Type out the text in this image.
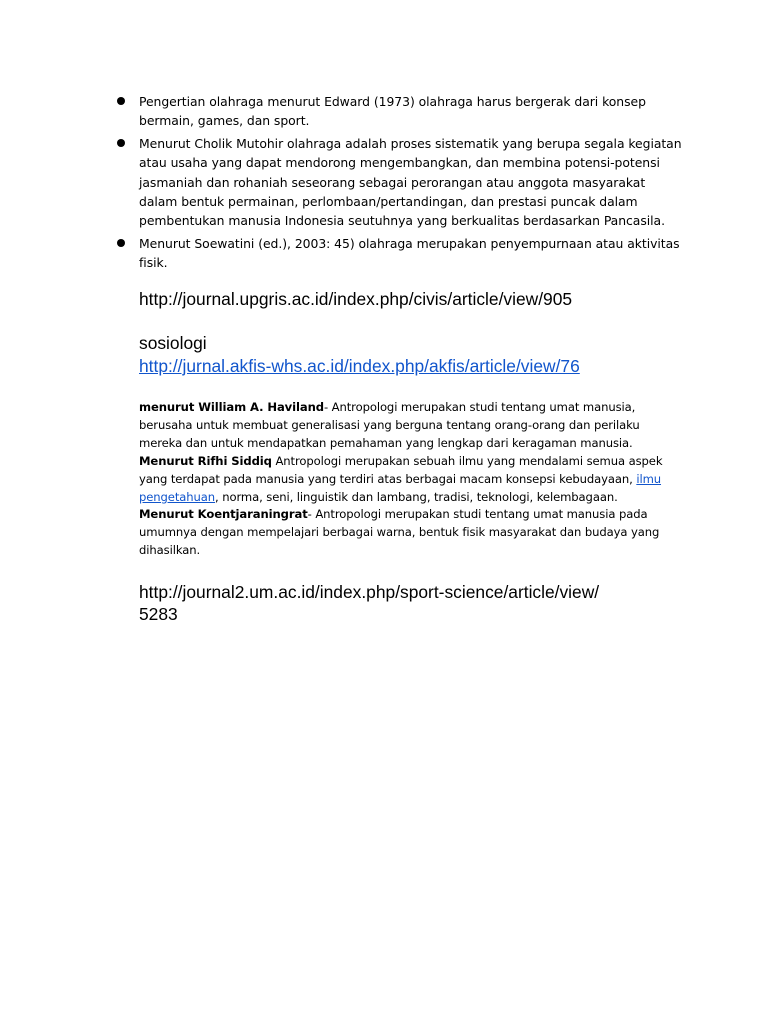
Pengertian olahraga menurut Edward (1973) olahraga harus bergerak dari konsep bermain, games, dan sport.
Menurut Cholik Mutohir olahraga adalah proses sistematik yang berupa segala kegiatan atau usaha yang dapat mendorong mengembangkan, dan membina potensi-potensi jasmaniah dan rohaniah seseorang sebagai perorangan atau anggota masyarakat dalam bentuk permainan, perlombaan/pertandingan, dan prestasi puncak dalam pembentukan manusia Indonesia seutuhnya yang berkualitas berdasarkan Pancasila.
Menurut Soewatini (ed.), 2003: 45) olahraga merupakan penyempurnaan atau aktivitas fisik.

http://journal.upgris.ac.id/index.php/civis/article/view/905

sosiologi

http://jurnal.akfis-whs.ac.id/index.php/akfis/article/view/76

menurut William A. Haviland- Antropologi merupakan studi tentang umat manusia, berusaha untuk membuat generalisasi yang berguna tentang orang-orang dan perilaku mereka dan untuk mendapatkan pemahaman yang lengkap dari keragaman manusia.
Menurut Rifhi Siddiq Antropologi merupakan sebuah ilmu yang mendalami semua aspek yang terdapat pada manusia yang terdiri atas berbagai macam konsepsi kebudayaan, ilmu pengetahuan, norma, seni, linguistik dan lambang, tradisi, teknologi, kelembagaan.
Menurut Koentjaraningrat- Antropologi merupakan studi tentang umat manusia pada umumnya dengan mempelajari berbagai warna, bentuk fisik masyarakat dan budaya yang dihasilkan.

http://journal2.um.ac.id/index.php/sport-science/article/view/
5283
